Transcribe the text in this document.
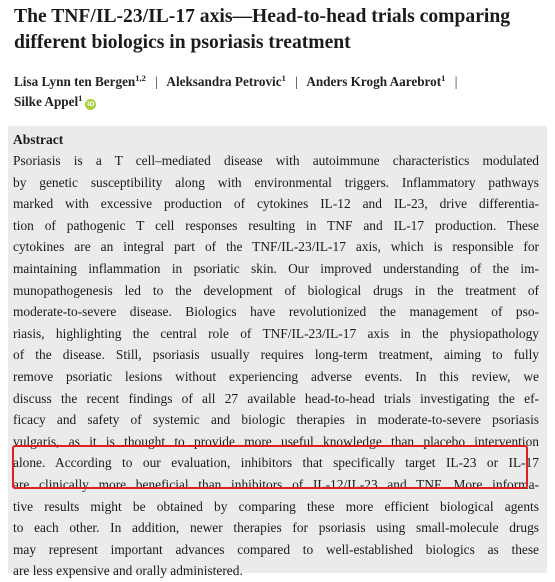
The TNF/IL-23/IL-17 axis—Head-to-head trials comparing different biologics in psoriasis treatment
Lisa Lynn ten Bergen$^{1,2}$ | Aleksandra Petrovic$^1$ | Anders Krogh Aarebrot$^1$ |
Silke Appel$^1$iD
Abstract
Psoriasis is a T cell–mediated disease with autoimmune characteristics modulated
by genetic susceptibility along with environmental triggers. Inflammatory pathways
marked with excessive production of cytokines IL-12 and IL-23, drive differentia-
tion of pathogenic T cell responses resulting in TNF and IL-17 production. These
cytokines are an integral part of the TNF/IL-23/IL-17 axis, which is responsible for
maintaining inflammation in psoriatic skin. Our improved understanding of the im-
munopathogenesis led to the development of biological drugs in the treatment of
moderate-to-severe disease. Biologics have revolutionized the management of pso-
riasis, highlighting the central role of TNF/IL-23/IL-17 axis in the physiopathology
of the disease. Still, psoriasis usually requires long-term treatment, aiming to fully
remove psoriatic lesions without experiencing adverse events. In this review, we
discuss the recent findings of all 27 available head-to-head trials investigating the ef-
ficacy and safety of systemic and biologic therapies in moderate-to-severe psoriasis
vulgaris, as it is thought to provide more useful knowledge than placebo intervention
alone. According to our evaluation, inhibitors that specifically target IL-23 or IL-17
are clinically more beneficial than inhibitors of IL-12/IL-23 and TNF. More informa-
tive results might be obtained by comparing these more efficient biological agents
to each other. In addition, newer therapies for psoriasis using small-molecule drugs
may represent important advances compared to well-established biologics as these
are less expensive and orally administered.
